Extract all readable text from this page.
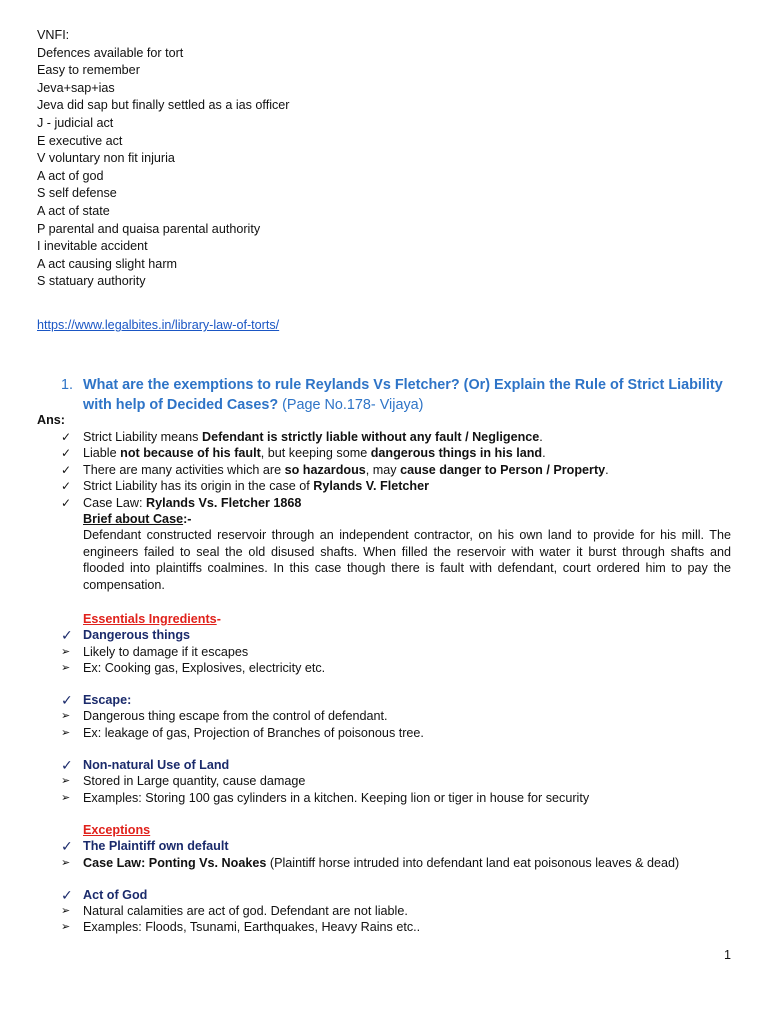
VNFI:
Defences available for tort
Easy to remember
Jeva+sap+ias
Jeva did sap but finally settled as a ias officer
J - judicial act
E executive act
V voluntary non fit injuria
A act of god
S self defense
A act of state
P parental and quaisa parental authority
I inevitable accident
A act causing slight harm
S statuary authority
https://www.legalbites.in/library-law-of-torts/
1. What are the exemptions to rule Reylands Vs Fletcher? (Or) Explain the Rule of Strict Liability with help of Decided Cases? (Page No.178- Vijaya)
Ans:
✓ Strict Liability means Defendant is strictly liable without any fault / Negligence.
✓ Liable not because of his fault, but keeping some dangerous things in his land.
✓ There are many activities which are so hazardous, may cause danger to Person / Property.
✓ Strict Liability has its origin in the case of Rylands V. Fletcher
✓ Case Law: Rylands Vs. Fletcher 1868
Brief about Case:-
Defendant constructed reservoir through an independent contractor, on his own land to provide for his mill. The engineers failed to seal the old disused shafts. When filled the reservoir with water it burst through shafts and flooded into plaintiffs coalmines. In this case though there is fault with defendant, court ordered him to pay the compensation.
Essentials Ingredients-
✓ Dangerous things
➢	Likely to damage if it escapes
➢	Ex: Cooking gas, Explosives, electricity etc.
✓ Escape:
➢	Dangerous thing escape from the control of defendant.
➢	Ex: leakage of gas, Projection of Branches of poisonous tree.
✓ Non-natural Use of Land
➢	Stored in Large quantity, cause damage
➢	Examples: Storing 100 gas cylinders in a kitchen. Keeping lion or tiger in house for security
Exceptions
✓ The Plaintiff own default
➢	Case Law: Ponting Vs. Noakes (Plaintiff horse intruded into defendant land eat poisonous leaves & dead)
✓ Act of God
➢	Natural calamities are act of god. Defendant are not liable.
➢	Examples: Floods, Tsunami, Earthquakes, Heavy Rains etc..
1
